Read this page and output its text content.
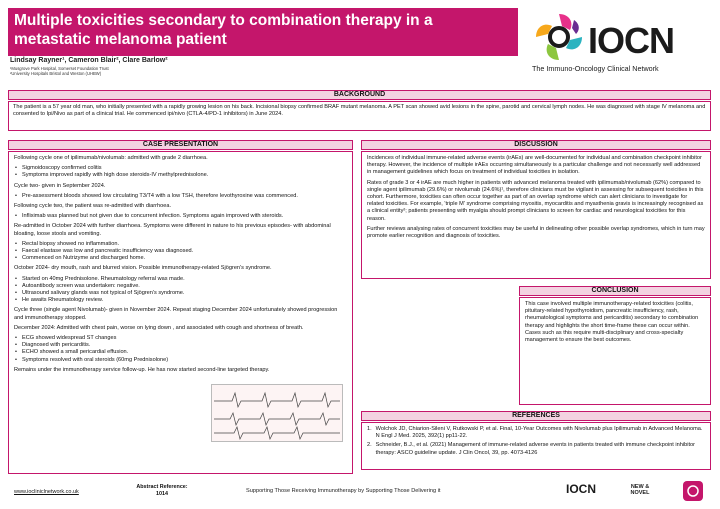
Multiple toxicities secondary to combination therapy in a metastatic melanoma patient
Lindsay Rayner¹, Cameron Blair², Clare Barlow²
¹Musgrove Park Hospital, Somerset Foundation Trust
²University Hospitals Bristol and Weston (UHBW)
IOCN
The Immuno-Oncology Clinical Network
BACKGROUND
The patient is a 57 year old man, who initially presented with a rapidly growing lesion on his back. Incisional biopsy confirmed BRAF mutant melanoma. A PET scan showed avid lesions in the spine, parotid and cervical lymph nodes. He was diagnosed with stage IV melanoma and consented to Ipi/Nivo as part of a clinical trial. He commenced ipi/nivo (CTLA-4/PD-1 inhibitors) in June 2024.
CASE PRESENTATION

Following cycle one of ipilimumab/nivolumab: admitted with grade 2 diarrhoea.

• Sigmoidoscopy confirmed colitis
• Symptoms improved rapidly with high dose steroids-IV methylprednisolone.

Cycle two- given in September 2024.

• Pre-assessment bloods showed low circulating T3/T4 with a low TSH, therefore levothyroxine was commenced.

Following cycle two, the patient was re-admitted with diarrhoea.

• Infliximab was planned but not given due to concurrent infection. Symptoms again improved with steroids.

Re-admitted in October 2024 with further diarrhoea. Symptoms were different in nature to his previous episodes- with abdominal bloating, loose stools and vomiting.

• Rectal biopsy showed no inflammation.
• Faecal elastase was low and pancreatic insufficiency was diagnosed.
• Commenced on Nutrizyme and discharged home.

October 2024- dry mouth, rash and blurred vision. Possible immunotherapy-related Sjögren's syndrome.

• Started on 40mg Prednisolone. Rheumatology referral was made.
• Autoantibody screen was undertaken: negative.
• Ultrasound salivary glands was not typical of Sjögren's syndrome.
• He awaits Rheumatology review.

Cycle three (single agent Nivolumab)- given in November 2024. Repeat staging December 2024 unfortunately showed progression and immunotherapy stopped.

December 2024: Admitted with chest pain, worse on lying down , and associated with cough and shortness of breath.

• ECG showed widespread ST changes
• Diagnosed with pericarditis.
• ECHO showed a small pericardial effusion.
• Symptoms resolved with oral steroids (60mg Prednisolone)

Remains under the immunotherapy service follow-up. He has now started second-line targeted therapy.

DISCUSSION

Incidences of individual immune-related adverse events (irAEs) are well-documented for individual and combination checkpoint inhibitor therapy. However, the incidence of multiple irAEs occurring simultaneously is a particular challenge and not necessarily well addressed in management guidelines which focus on treatment of individual toxicities in isolation.

Rates of grade 3 or 4 irAE are much higher in patients with advanced melanoma treated with ipilimumab/nivolumab (62%) compared to single agent ipilimumab (29.6%) or nivolumab (24.6%)¹, therefore clinicians must be vigilant in assessing for subsequent toxicities in this cohort. Furthermore, toxicities can often occur together as part of an overlap syndrome which can alert clinicians to investigate for related toxicities. For example, 'triple M' syndrome comprising myositis, myocarditis and myasthenia gravis is increasingly recognised as a clinical entity²; patients presenting with myalgia should prompt clinicians to screen for cardiac and neurological toxicities for this reason.

Further reviews analysing rates of concurrent toxicities may be useful in delineating other possible overlap syndromes, which in turn may promote earlier recognition and diagnosis of toxicities.

CONCLUSION

This case involved multiple immunotherapy-related toxicities (colitis, pituitary-related hypothyroidism, pancreatic insufficiency, rash, rheumatological symptoms and pericarditis) secondary to combination therapy and highlights the short time-frame these can occur within. Cases such as this require multi-disciplinary and cross-specialty management to ensure the best outcomes.

REFERENCES
1. Wolchok JD, Chiarion-Sileni V, Rutkowski P, et al. Final, 10-Year Outcomes with Nivolumab plus Ipilimumab in Advanced Melanoma. N Engl J Med. 2025, 392(1) pp11-22.
2. Schneider, B.J., et al. (2021) Management of immune-related adverse events in patients treated with immune checkpoint inhibitor therapy: ASCO guideline update. J Clin Oncol, 39, pp. 4073-4126
www.iocliniclnetwork.co.uk
Abstract Reference:
1014	Supporting Those Receiving Immunotherapy by Supporting Those Delivering it	IOCN	NEW & NOVEL
